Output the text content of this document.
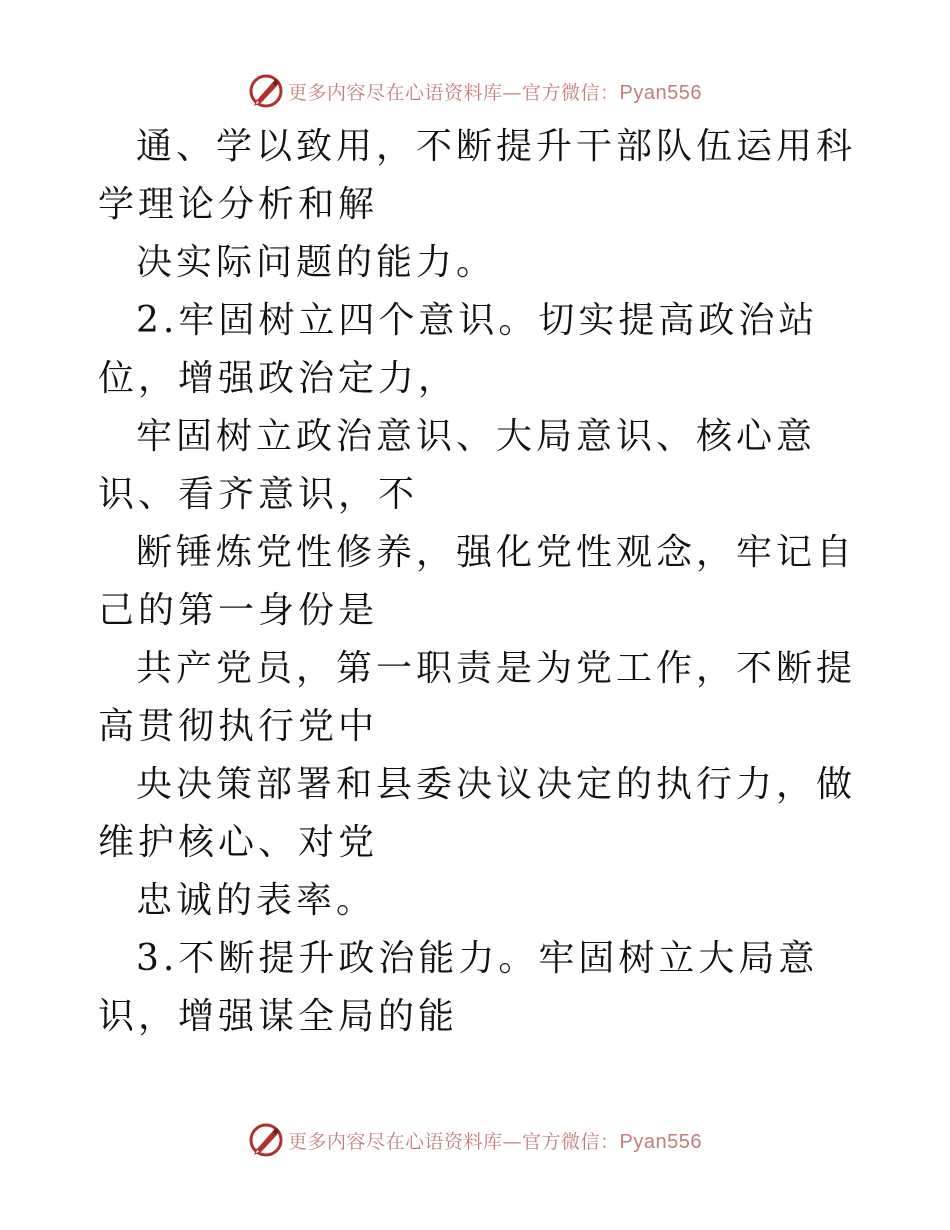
更多内容尽在心语资料库—官方微信：Pyan556

通、学以致用，不断提升干部队伍运用科学理论分析和解

决实际问题的能力。

2.牢固树立四个意识。切实提高政治站位，增强政治定力，

牢固树立政治意识、大局意识、核心意识、看齐意识，不

断锤炼党性修养，强化党性观念，牢记自己的第一身份是

共产党员，第一职责是为党工作，不断提高贯彻执行党中

央决策部署和县委决议决定的执行力，做维护核心、对党

忠诚的表率。

3.不断提升政治能力。牢固树立大局意识，增强谋全局的能

更多内容尽在心语资料库—官方微信：Pyan556
